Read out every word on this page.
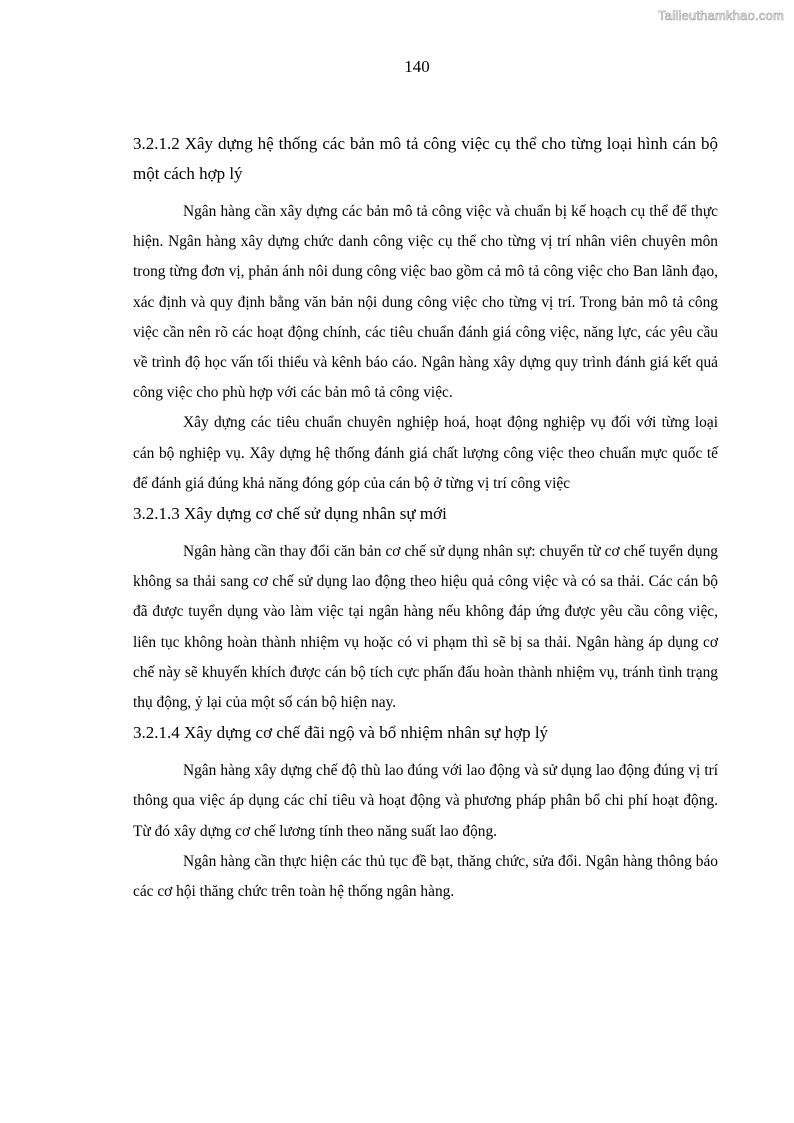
Tailieuthamkhao.com
140

3.2.1.2 Xây dựng hệ thống các bản mô tả công việc cụ thể cho từng loại hình cán bộ một cách hợp lý

Ngân hàng cần xây dựng các bản mô tả công việc và chuẩn bị kế hoạch cụ thể để thực hiện. Ngân hàng xây dựng chức danh công việc cụ thể cho từng vị trí nhân viên chuyên môn trong từng đơn vị, phản ánh nôi dung công việc bao gồm cả mô tả công việc cho Ban lãnh đạo, xác định và quy định bằng văn bản nội dung công việc cho từng vị trí. Trong bản mô tả công việc cần nên rõ các hoạt động chính, các tiêu chuẩn đánh giá công việc, năng lực, các yêu cầu về trình độ học vấn tối thiểu và kênh báo cáo. Ngân hàng xây dựng quy trình đánh giá kết quả công việc cho phù hợp với các bản mô tả công việc.

Xây dựng các tiêu chuẩn chuyên nghiệp hoá, hoạt động nghiệp vụ đối với từng loại cán bộ nghiệp vụ. Xây dựng hệ thống đánh giá chất lượng công việc theo chuẩn mực quốc tế để đánh giá đúng khả năng đóng góp của cán bộ ở từng vị trí công việc

3.2.1.3 Xây dựng cơ chế sử dụng nhân sự mới

Ngân hàng cần thay đổi căn bản cơ chế sử dụng nhân sự: chuyển từ cơ chế tuyển dụng không sa thải sang cơ chế sử dụng lao động theo hiệu quả công việc và có sa thải. Các cán bộ đã được tuyển dụng vào làm việc tại ngân hàng nếu không đáp ứng được yêu cầu công việc, liên tục không hoàn thành nhiệm vụ hoặc có vi phạm thì sẽ bị sa thải. Ngân hàng áp dụng cơ chế này sẽ khuyến khích được cán bộ tích cực phấn đấu hoàn thành nhiệm vụ, tránh tình trạng thụ động, ỷ lại của một số cán bộ hiện nay.

3.2.1.4 Xây dựng cơ chế đãi ngộ và bổ nhiệm nhân sự hợp lý

Ngân hàng xây dựng chế độ thù lao đúng với lao động và sử dụng lao động đúng vị trí thông qua việc áp dụng các chỉ tiêu và hoạt động và phương pháp phân bổ chi phí hoạt động. Từ đó xây dựng cơ chế lương tính theo năng suất lao động.

Ngân hàng cần thực hiện các thủ tục đề bạt, thăng chức, sửa đổi. Ngân hàng thông báo các cơ hội thăng chức trên toàn hệ thống ngân hàng.
